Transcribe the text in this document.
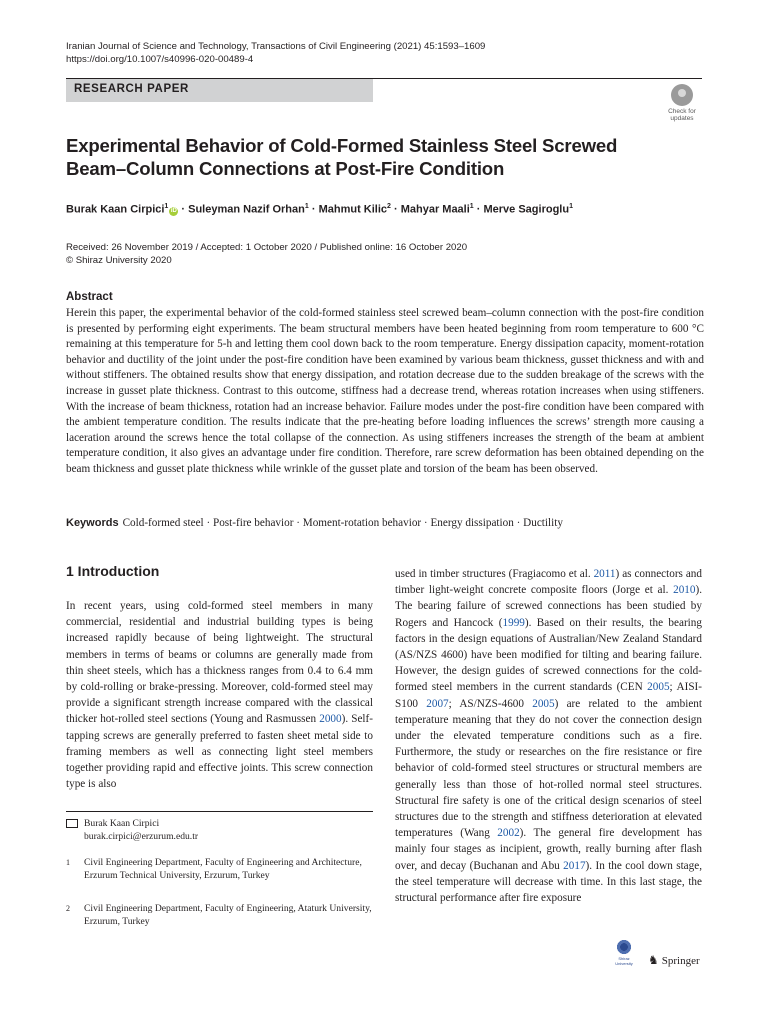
Iranian Journal of Science and Technology, Transactions of Civil Engineering (2021) 45:1593–1609
https://doi.org/10.1007/s40996-020-00489-4
RESEARCH PAPER
Check for
updates
Experimental Behavior of Cold-Formed Stainless Steel Screwed Beam–Column Connections at Post-Fire Condition
Burak Kaan Cirpici$^1$iD · Suleyman Nazif Orhan$^1$ · Mahmut Kilic$^2$ · Mahyar Maali$^1$ · Merve Sagiroglu$^1$
Received: 26 November 2019 / Accepted: 1 October 2020 / Published online: 16 October 2020
© Shiraz University 2020
Abstract

Herein this paper, the experimental behavior of the cold-formed stainless steel screwed beam–column connection with the post-fire condition is presented by performing eight experiments. The beam structural members have been heated beginning from room temperature to 600 °C remaining at this temperature for 5-h and letting them cool down back to the room temperature. Energy dissipation capacity, moment-rotation behavior and ductility of the joint under the post-fire condition have been examined by various beam thickness, gusset thickness and with and without stiffeners. The obtained results show that energy dissipation, and rotation decrease due to the sudden breakage of the screws with the increase in gusset plate thickness. Contrast to this outcome, stiffness had a decrease trend, whereas rotation increases when using stiffeners. With the increase of beam thickness, rotation had an increase behavior. Failure modes under the post-fire condition have been compared with the ambient temperature condition. The results indicate that the pre-heating before loading influences the screws’ strength more causing a laceration around the screws hence the total collapse of the connection. As using stiffeners increases the strength of the beam at ambient temperature condition, it also gives an advantage under fire condition. Therefore, rare screw deformation has been obtained depending on the beam thickness and gusset plate thickness while wrinkle of the gusset plate and torsion of the beam has been observed.

Keywords Cold-formed steel · Post-fire behavior · Moment-rotation behavior · Energy dissipation · Ductility
1 Introduction

In recent years, using cold-formed steel members in many commercial, residential and industrial building types is being increased rapidly because of being lightweight. The structural members in terms of beams or columns are generally made from thin sheet steels, which has a thickness ranges from 0.4 to 6.4 mm by cold-rolling or brake-pressing. Moreover, cold-formed steel may provide a significant strength increase compared with the classical thicker hot-rolled steel sections (Young and Rasmussen 2000). Self-tapping screws are generally preferred to fasten sheet metal side to framing members as well as connecting light steel members together providing rapid and effective joints. This screw connection type is also

used in timber structures (Fragiacomo et al. 2011) as connectors and timber light-weight concrete composite floors (Jorge et al. 2010). The bearing failure of screwed connections has been studied by Rogers and Hancock (1999). Based on their results, the bearing factors in the design equations of Australian/New Zealand Standard (AS/NZS 4600) have been modified for tilting and bearing failure. However, the design guides of screwed connections for the cold-formed steel members in the current standards (CEN 2005; AISI-S100 2007; AS/NZS-4600 2005) are related to the ambient temperature meaning that they do not cover the connection design under the elevated temperature conditions such as a fire. Furthermore, the study or researches on the fire resistance or fire behavior of cold-formed steel structures or structural members are generally less than those of hot-rolled normal steel structures. Structural fire safety is one of the critical design scenarios of steel structures due to the strength and stiffness deterioration at elevated temperatures (Wang 2002). The general fire development has mainly four stages as incipient, growth, really burning after flash over, and decay (Buchanan and Abu 2017). In the cool down stage, the steel temperature will decrease with time. In this last stage, the structural performance after fire exposure

Burak Kaan Cirpici
burak.cirpici@erzurum.edu.tr
1	Civil Engineering Department, Faculty of Engineering and Architecture, Erzurum Technical University, Erzurum, Turkey
2	Civil Engineering Department, Faculty of Engineering, Ataturk University, Erzurum, Turkey
Shiraz University	♞ Springer
